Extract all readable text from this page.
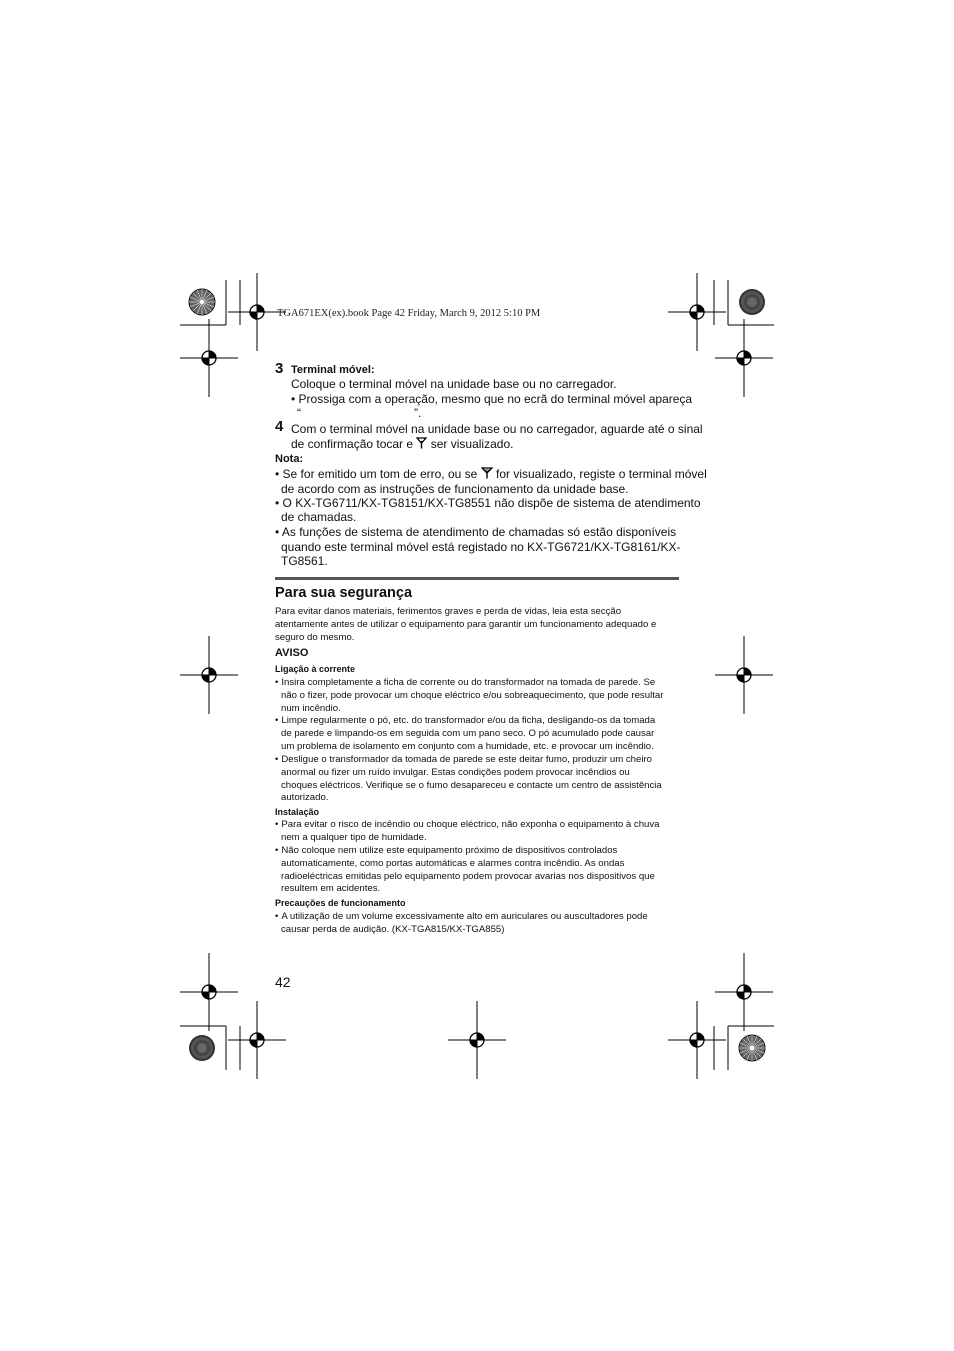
TGA671EX(ex).book Page 42 Friday, March 9, 2012 5:10 PM
3 Terminal móvel:
Coloque o terminal móvel na unidade base ou no carregador.
• Prossiga com a operação, mesmo que no ecrã do terminal móvel apareça
“	”.
4 Com o terminal móvel na unidade base ou no carregador, aguarde até o sinal
de confirmação tocar e ser visualizado.
Nota:
• Se for emitido um tom de erro, ou se for visualizado, registe o terminal móvel
de acordo com as instruções de funcionamento da unidade base.
• O KX-TG6711/KX-TG8151/KX-TG8551 não dispõe de sistema de atendimento
de chamadas.
• As funções de sistema de atendimento de chamadas só estão disponíveis
quando este terminal móvel está registado no KX-TG6721/KX-TG8161/KX-
TG8561.
Para sua segurança
Para evitar danos materiais, ferimentos graves e perda de vidas, leia esta secção
atentamente antes de utilizar o equipamento para garantir um funcionamento adequado e
seguro do mesmo.
AVISO
Ligação à corrente
• Insira completamente a ficha de corrente ou do transformador na tomada de parede. Se
não o fizer, pode provocar um choque eléctrico e/ou sobreaquecimento, que pode resultar
num incêndio.
• Limpe regularmente o pó, etc. do transformador e/ou da ficha, desligando-os da tomada
de parede e limpando-os em seguida com um pano seco. O pó acumulado pode causar
um problema de isolamento em conjunto com a humidade, etc. e provocar um incêndio.
• Desligue o transformador da tomada de parede se este deitar fumo, produzir um cheiro
anormal ou fizer um ruído invulgar. Estas condições podem provocar incêndios ou
choques eléctricos. Verifique se o fumo desapareceu e contacte um centro de assistência
autorizado.
Instalação
• Para evitar o risco de incêndio ou choque eléctrico, não exponha o equipamento à chuva
nem a qualquer tipo de humidade.
• Não coloque nem utilize este equipamento próximo de dispositivos controlados
automaticamente, como portas automáticas e alarmes contra incêndio. As ondas
radioeléctricas emitidas pelo equipamento podem provocar avarias nos dispositivos que
resultem em acidentes.
Precauções de funcionamento
• A utilização de um volume excessivamente alto em auriculares ou auscultadores pode
causar perda de audição. (KX-TGA815/KX-TGA855)
42
